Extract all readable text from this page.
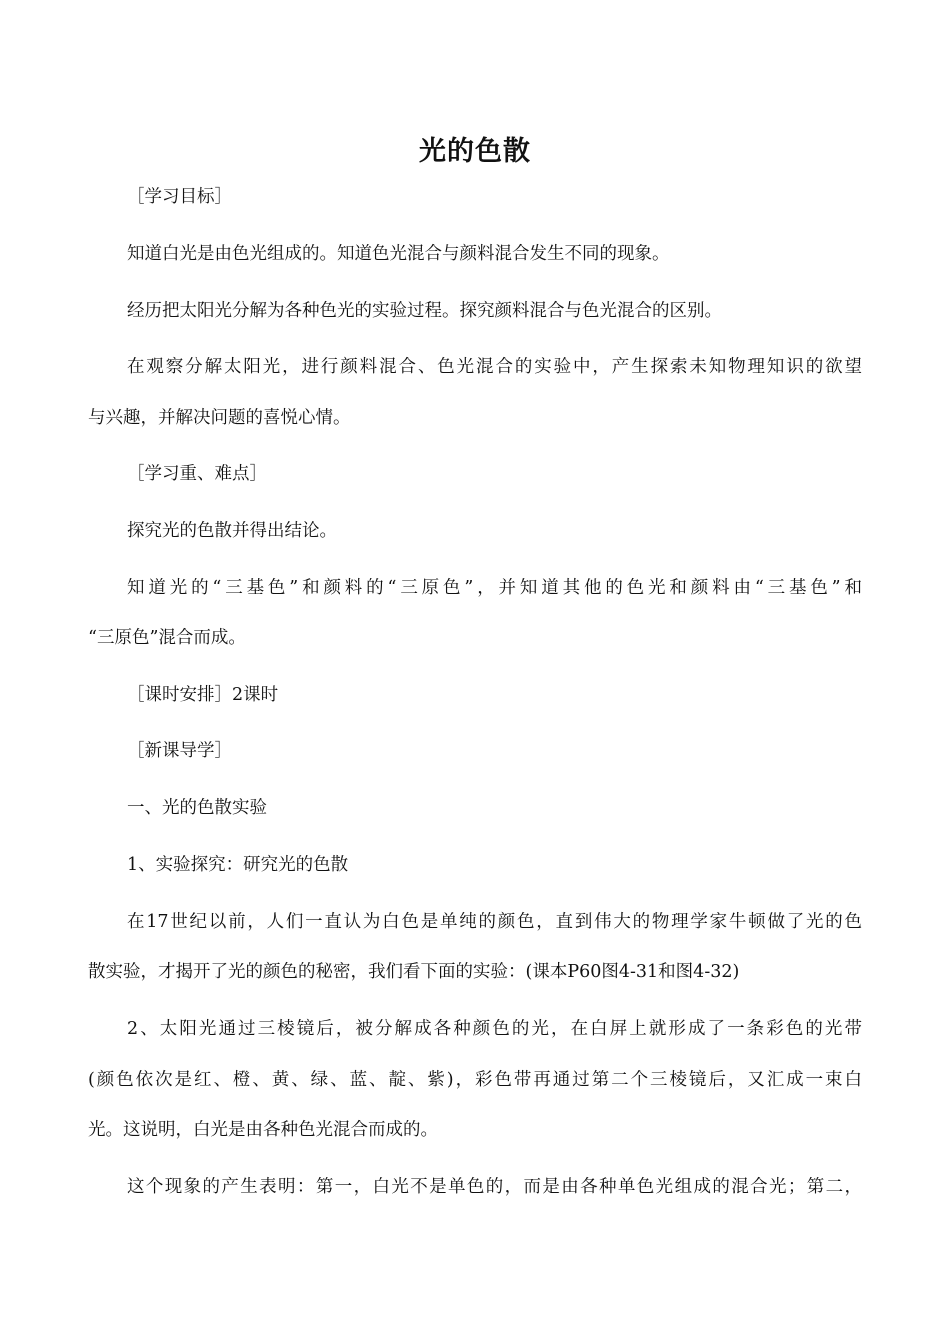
光的色散
［学习目标］
知道白光是由色光组成的。知道色光混合与颜料混合发生不同的现象。
经历把太阳光分解为各种色光的实验过程。探究颜料混合与色光混合的区别。
在观察分解太阳光，进行颜料混合、色光混合的实验中，产生探索未知物理知识的欲望
与兴趣，并解决问题的喜悦心情。
［学习重、难点］
探究光的色散并得出结论。
知道光的“三基色”和颜料的“三原色”，并知道其他的色光和颜料由“三基色”和
“三原色”混合而成。
［课时安排］2课时
［新课导学］
一、光的色散实验
1、实验探究：研究光的色散
在17世纪以前，人们一直认为白色是单纯的颜色，直到伟大的物理学家牛顿做了光的色
散实验，才揭开了光的颜色的秘密，我们看下面的实验：(课本P60图4-31和图4-32)
2、太阳光通过三棱镜后，被分解成各种颜色的光，在白屏上就形成了一条彩色的光带
(颜色依次是红、橙、黄、绿、蓝、靛、紫)，彩色带再通过第二个三棱镜后，又汇成一束白
光。这说明，白光是由各种色光混合而成的。
这个现象的产生表明：第一，白光不是单色的，而是由各种单色光组成的混合光；第二，
